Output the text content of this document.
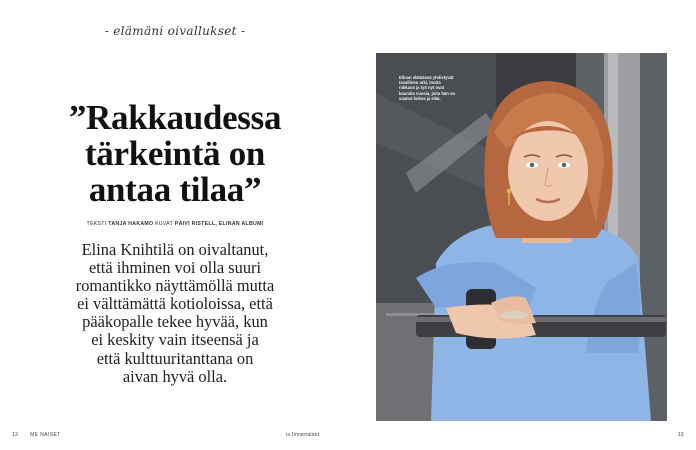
- elämäni oivallukset -
”Rakkaudessa
tärkeintä on
antaa tilaa”
TEKSTI TANJA HAKAMO KUVAT PÄIVI RISTELL, ELINAN ALBUMI
Elina Knihtilä on oivaltanut,
että ihminen voi olla suuri
romantikko näyttämöllä mutta
ei välttämättä kotioloissa, että
pääkopalle tekee hyvää, kun
ei keskity vain itseensä ja
että kulttuuritanttana on
aivan hyvä olla.
12 ME NAISET	is.fi/menaiset	13
Elinan elämässä yhdistyvät tavallinen arki, mutta rakkaus ja työ nyt ovat kauniita vuosia, joita hän on saanut kokea ja elää.
